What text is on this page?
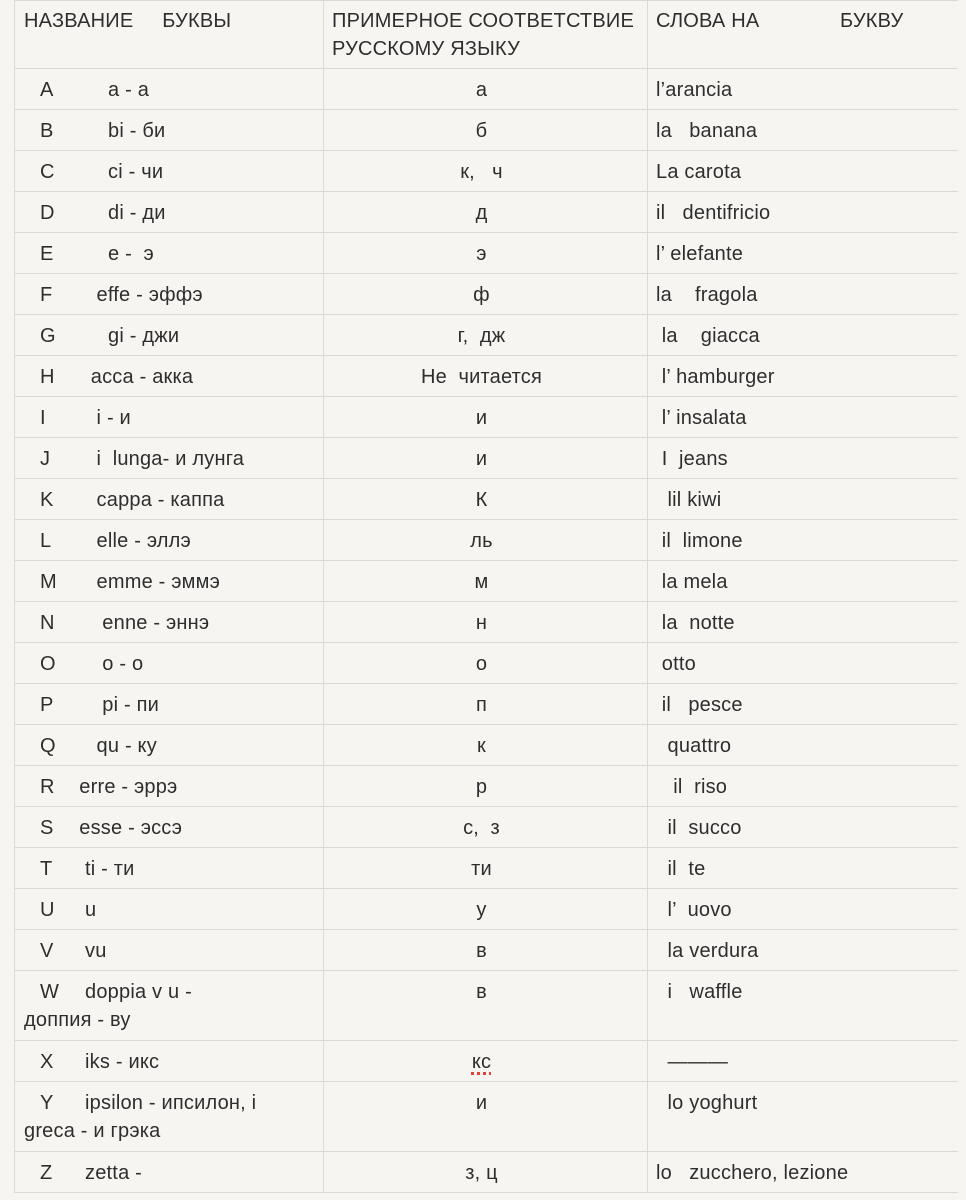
НАЗВАНИЕ     БУКВЫ	ПРИМЕРНОЕ СООТВЕТСТВИЕ РУССКОМУ ЯЗЫКУ	СЛОВА НА              БУКВУ
A        a - a	a	l’arancia
B        bi - би	б	la   banana
C        ci - чи	к,   ч	La carota
D        di - ди	д	il   dentifricio
E        e -  э	э	l’ elefante
F      effe - эффэ	ф	la    fragola
G        gi - джи	г,  дж	la    giacca
H     acca - акка	Не  читается	l’ hamburger
I      i - и	и	l’ insalata
J      i  lunga- и лунга	и	I  jeans
K      cappa - каппа	К	lil kiwi
L      elle - эллэ	ль	il  limone
M      emme - эммэ	м	la mela
N       enne - эннэ	н	la  notte
O       o - o	о	otto
P       pi - пи	п	il   pesce
Q      qu - ку	к	quattro
R   erre - эррэ	р	il  riso
S   esse - эссэ	с,  з	il  succo
T    ti - ти	ти	il  te
U    u	у	l’  uovo
V    vu	в	la verdura
W    doppia v u -
доппия - ву	в	i   waffle
X    iks - икс	кс	———
Y    ipsilon - ипсилон, i
greca - и грэка	и	lo yoghurt
Z    zetta -	з, ц	lo   zucchero, lezione
